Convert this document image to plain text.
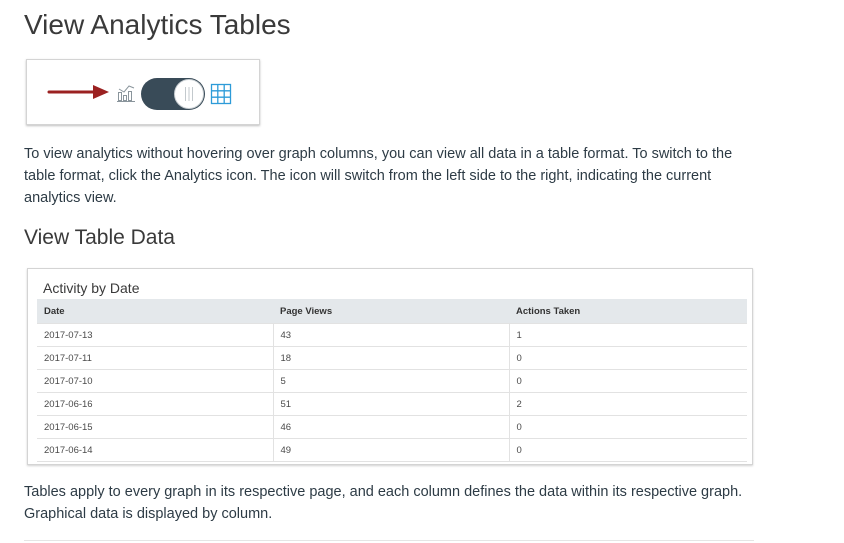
View Analytics Tables

To view analytics without hovering over graph columns, you can view all data in a table format. To switch to the table format, click the Analytics icon. The icon will switch from the left side to the right, indicating the current analytics view.

View Table Data
Activity by Date
Date	Page Views	Actions Taken
2017-07-13	43	1
2017-07-11	18	0
2017-07-10	5	0
2017-06-16	51	2
2017-06-15	46	0
2017-06-14	49	0

Tables apply to every graph in its respective page, and each column defines the data within its respective graph. Graphical data is displayed by column.
